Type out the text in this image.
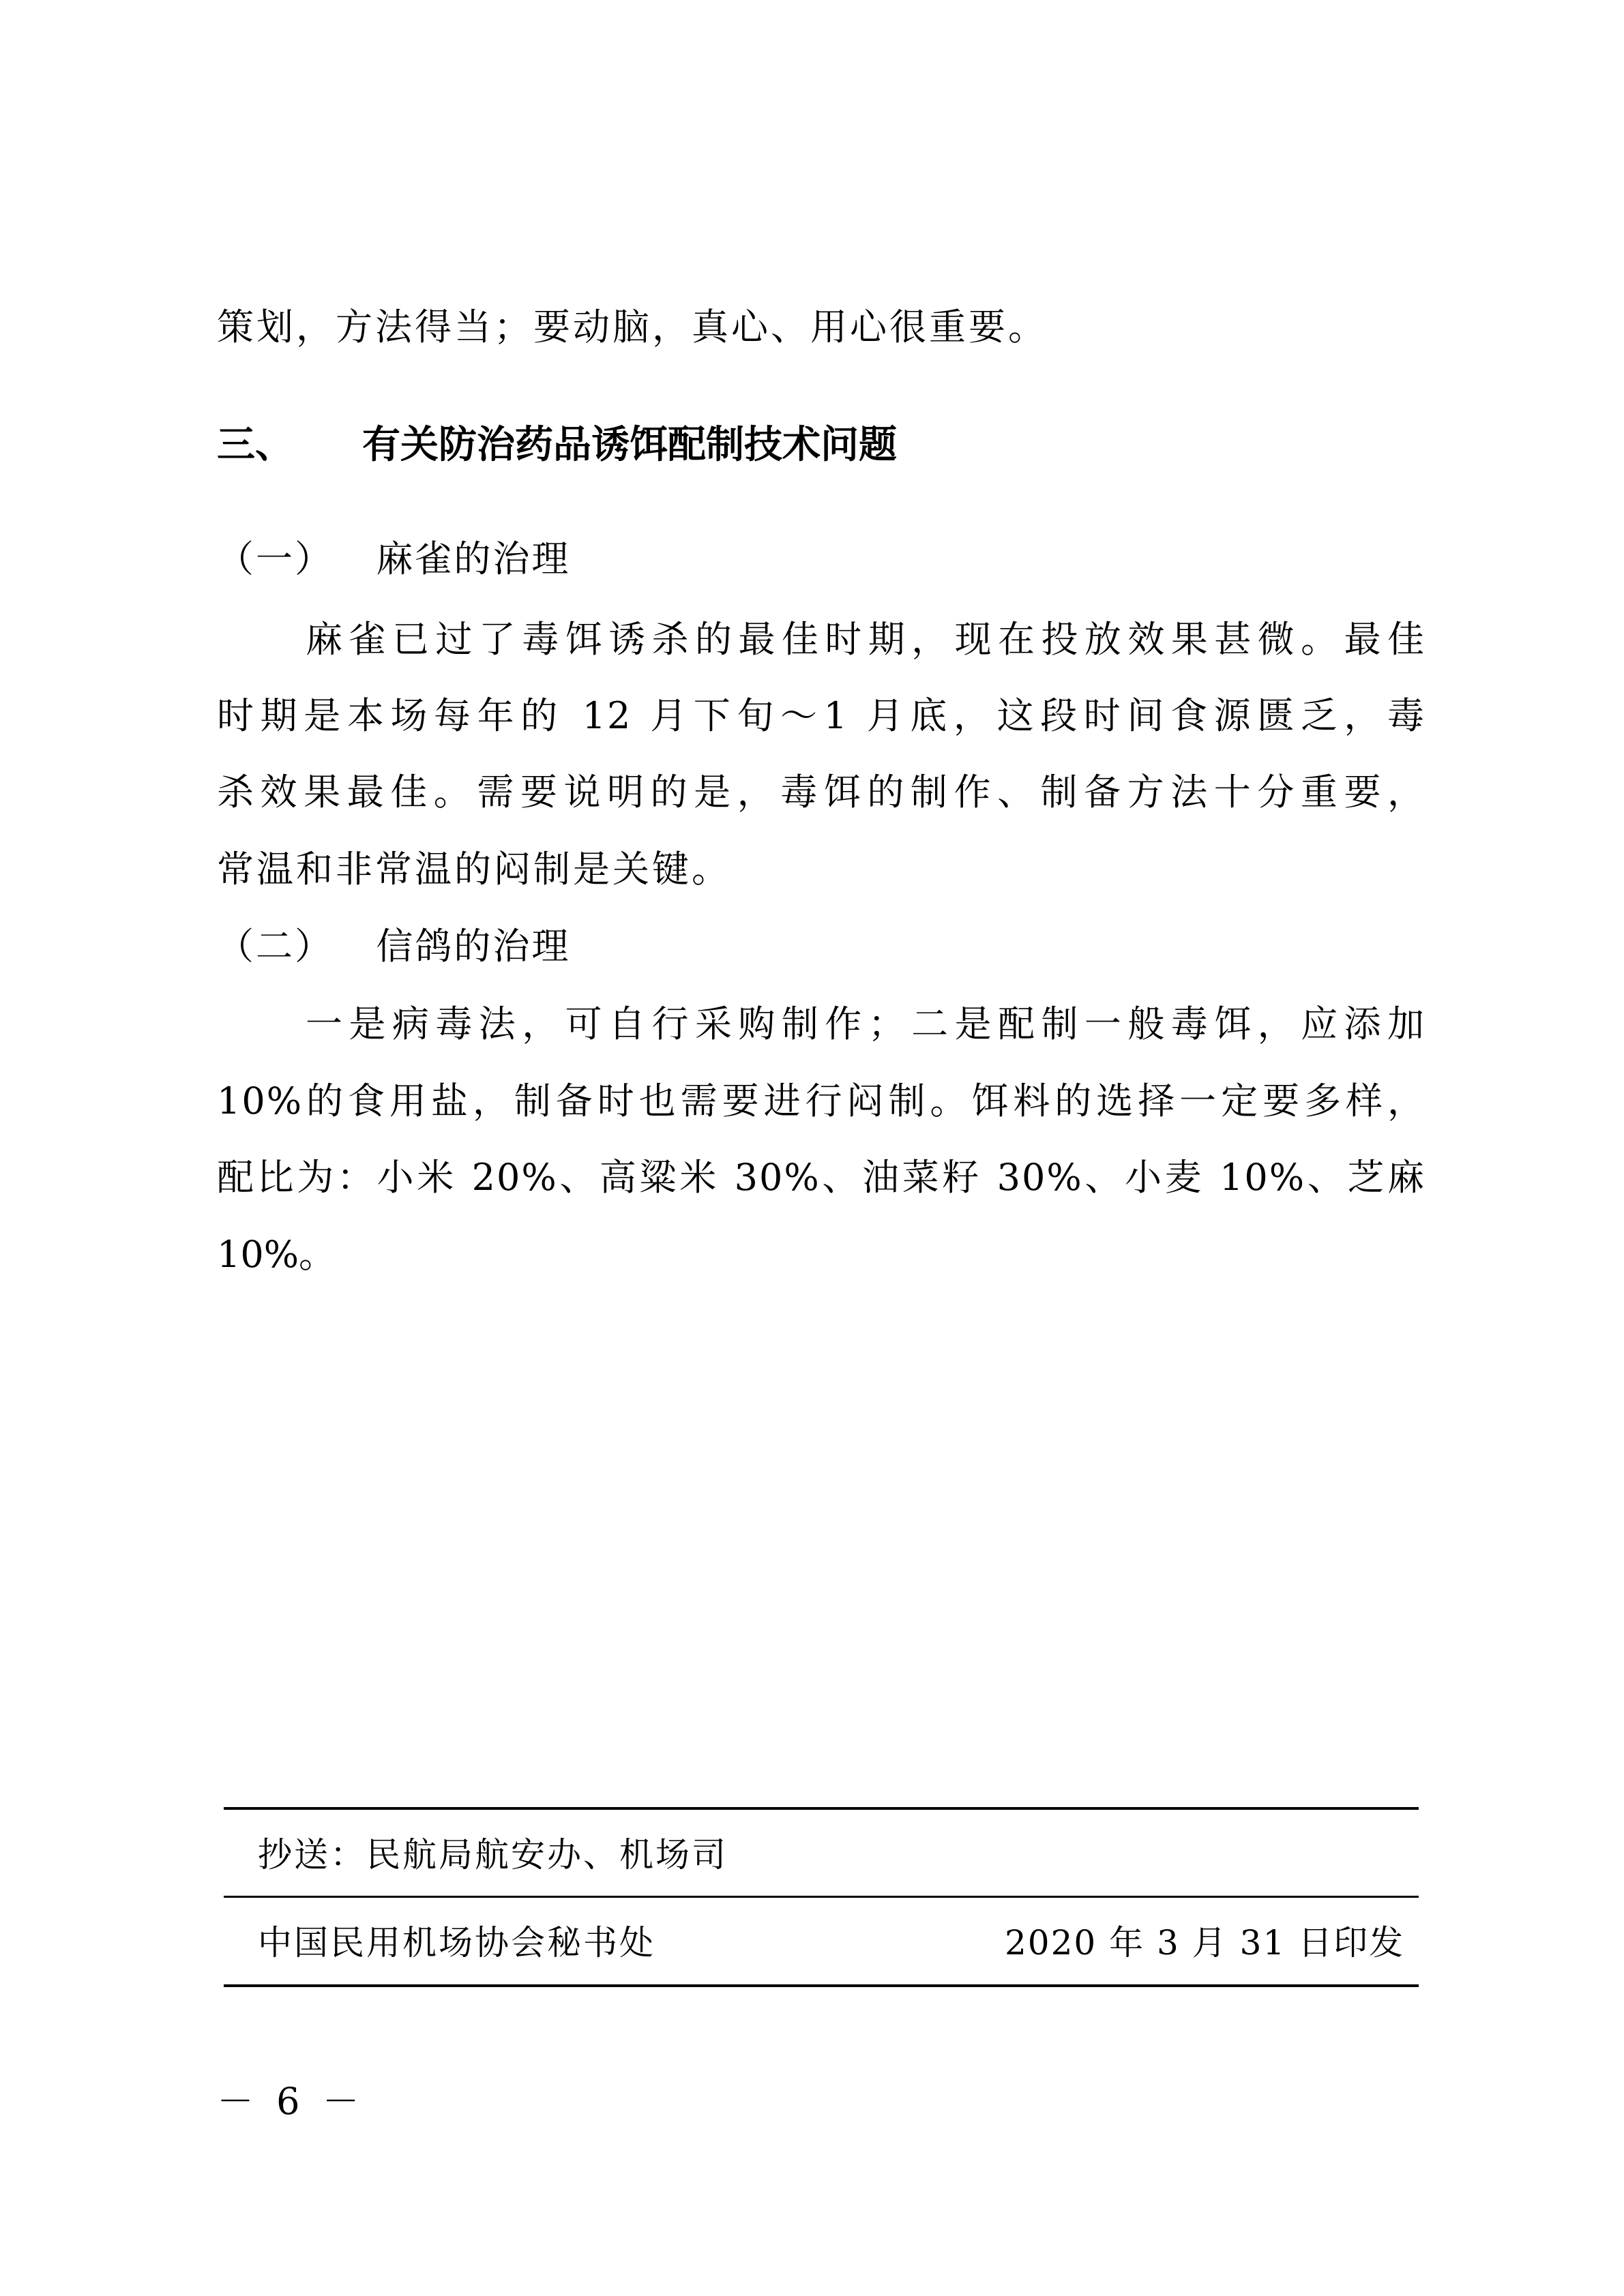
策划，方法得当；要动脑，真心、用心很重要。
三、 有关防治药品诱饵配制技术问题
（一） 麻雀的治理
麻雀已过了毒饵诱杀的最佳时期，现在投放效果甚微。最佳
时期是本场每年的 12 月下旬～1 月底，这段时间食源匮乏，毒
杀效果最佳。需要说明的是，毒饵的制作、制备方法十分重要，
常温和非常温的闷制是关键。
（二） 信鸽的治理
一是病毒法，可自行采购制作；二是配制一般毒饵，应添加
10%的食用盐，制备时也需要进行闷制。饵料的选择一定要多样，
配比为：小米 20%、高粱米 30%、油菜籽 30%、小麦 10%、芝麻
10%。
抄送：民航局航安办、机场司
中国民用机场协会秘书处	2020 年 3 月 31 日印发
－ 6 －
